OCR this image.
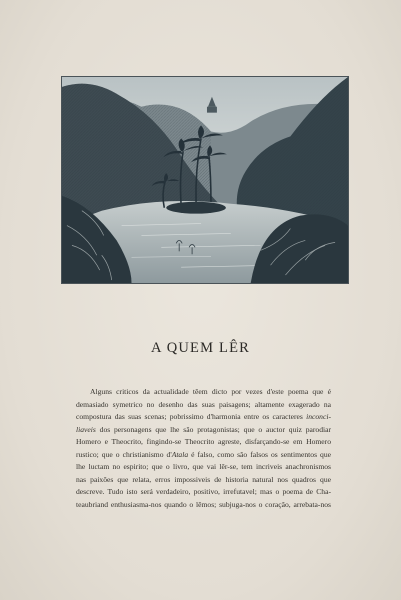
A QUEM LÊR
Alguns criticos da actualidade têem dicto por vezes d'este poema que é
demasiado symetrico no desenho das suas paisagens; altamente exagerado na
compostura das suas scenas; pobrissimo d'harmonia entre os caracteres inconci-
liaveis dos personagens que lhe são protagonistas; que o auctor quiz parodiar
Homero e Theocrito, fingindo-se Theocrito agreste, disfarçando-se em Homero
rustico; que o christianismo d'Atala é falso, como são falsos os sentimentos que
lhe luctam no espirito; que o livro, que vai lêr-se, tem incriveis anachronismos
nas paixões que relata, erros impossiveis de historia natural nos quadros que
descreve. Tudo isto será verdadeiro, positivo, irrefutavel; mas o poema de Cha-
teaubriand enthusiasma-nos quando o lêmos; subjuga-nos o coração, arrebata-nos
